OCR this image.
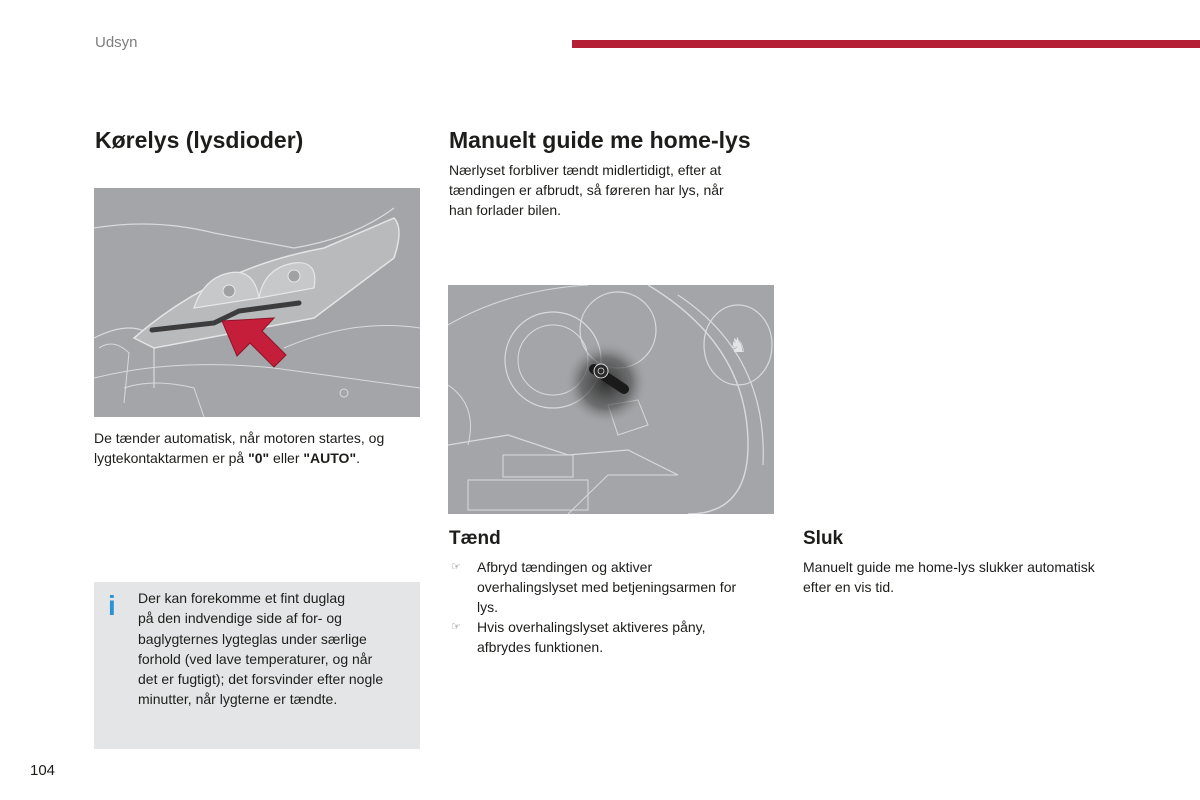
Udsyn
Kørelys (lysdioder)
De tænder automatisk, når motoren startes, og
lygtekontaktarmen er på "0" eller "AUTO".
i Der kan forekomme et fint duglag
på den indvendige side af for- og
baglygternes lygteglas under særlige
forhold (ved lave temperaturer, og når
det er fugtigt); det forsvinder efter nogle
minutter, når lygterne er tændte.
Manuelt guide me home-lys
Nærlyset forbliver tændt midlertidigt, efter at
tændingen er afbrudt, så føreren har lys, når
han forlader bilen.
♞
Tænd
☞ Afbryd tændingen og aktiver
overhalingslyset med betjeningsarmen for
lys.
☞ Hvis overhalingslyset aktiveres påny,
afbrydes funktionen.
Sluk
Manuelt guide me home-lys slukker automatisk
efter en vis tid.
104
